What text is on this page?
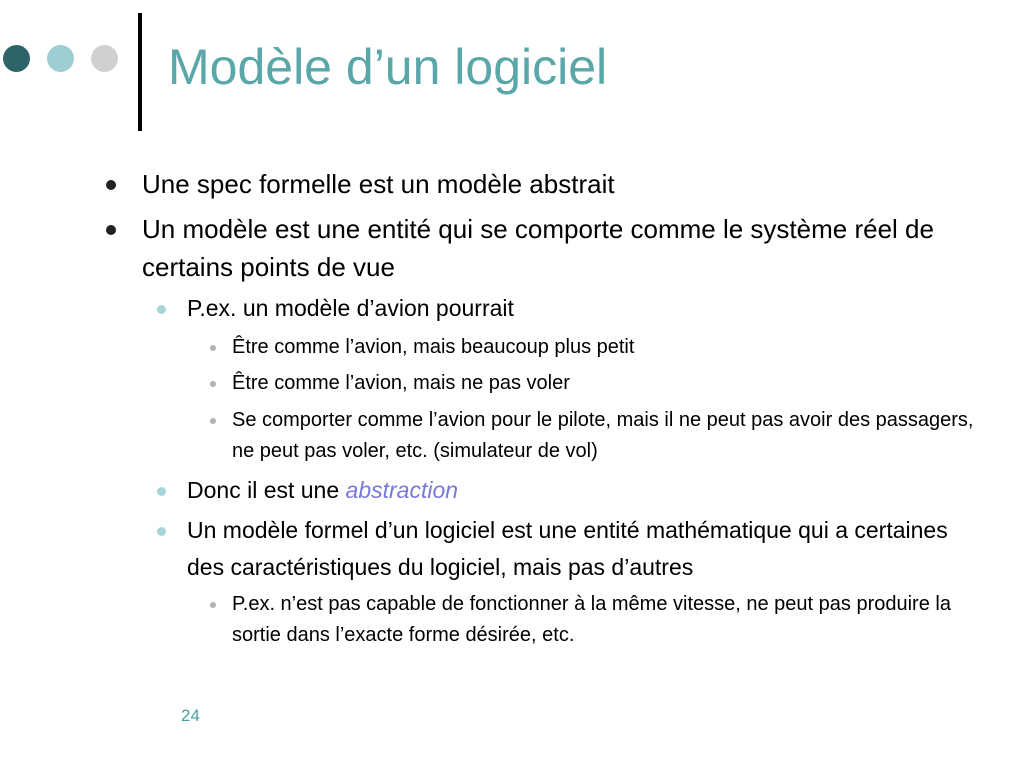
Modèle d’un logiciel

Une spec formelle est un modèle abstrait

Un modèle est une entité qui se comporte comme le système réel de certains points de vue

P.ex. un modèle d’avion pourrait

Être comme l’avion, mais beaucoup plus petit

Être comme l’avion, mais ne pas voler

Se comporter comme l’avion pour le pilote, mais il ne peut pas avoir des passagers, ne peut pas voler, etc. (simulateur de vol)

Donc il est une abstraction

Un modèle formel d’un logiciel est une entité mathématique qui a certaines des caractéristiques du logiciel, mais pas d’autres

P.ex. n’est pas capable de fonctionner à la même vitesse, ne peut pas produire la sortie dans l’exacte forme désirée, etc.

24
